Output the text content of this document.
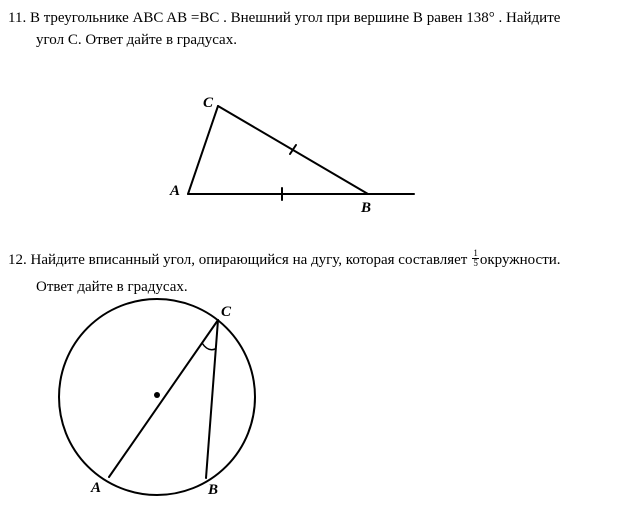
11. В треугольнике ABC AB =BC . Внешний угол при вершине B равен 138° . Найдите
угол C. Ответ дайте в градусах.
12. Найдите вписанный угол, опирающийся на дугу, которая составляет $\frac{1}{5}$ окружности.
Ответ дайте в градусах.
C
A
B
C
A	B
